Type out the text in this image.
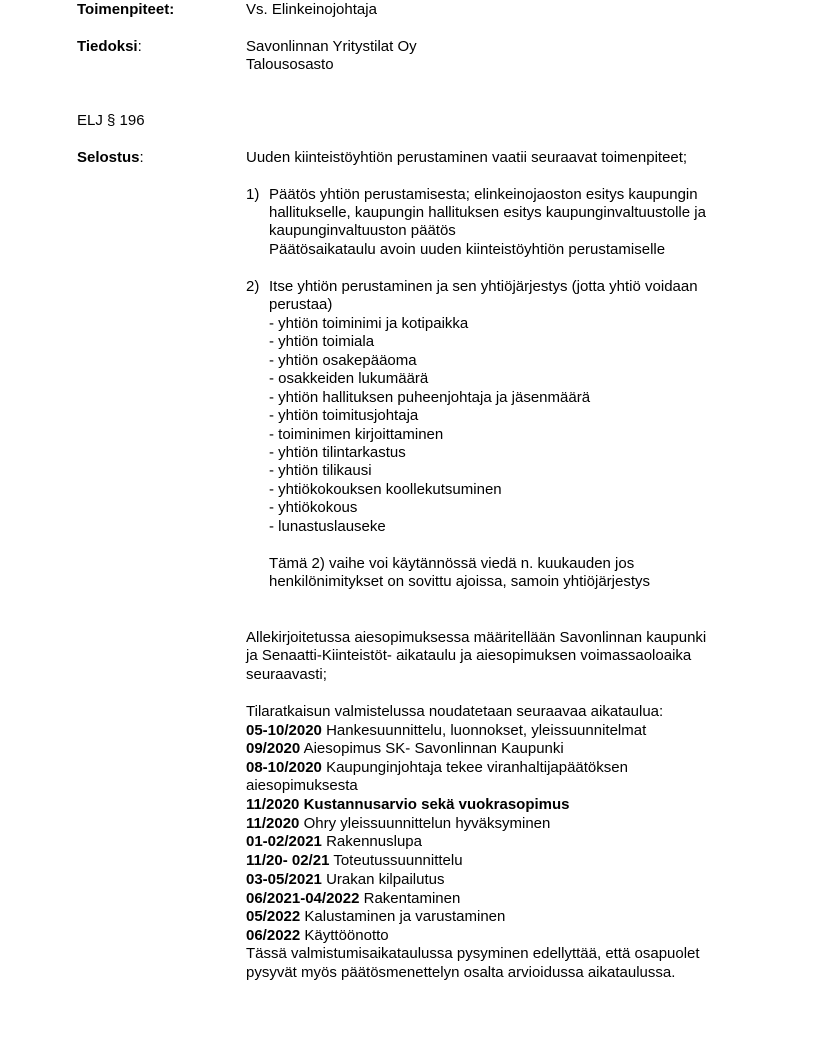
Toimenpiteet:	Vs. Elinkeinojohtaja
Tiedoksi:	Savonlinnan Yritystilat Oy
Talousosasto
ELJ § 196
Selostus:	Uuden kiinteistöyhtiön perustaminen vaatii seuraavat toimenpiteet;
1) Päätös yhtiön perustamisesta; elinkeinojaoston esitys kaupungin
hallitukselle, kaupungin hallituksen esitys kaupunginvaltuustolle ja
kaupunginvaltuuston päätös
Päätösaikataulu avoin uuden kiinteistöyhtiön perustamiselle
2) Itse yhtiön perustaminen ja sen yhtiöjärjestys (jotta yhtiö voidaan
perustaa)
- yhtiön toiminimi ja kotipaikka
- yhtiön toimiala
- yhtiön osakepääoma
- osakkeiden lukumäärä
- yhtiön hallituksen puheenjohtaja ja jäsenmäärä
- yhtiön toimitusjohtaja
- toiminimen kirjoittaminen
- yhtiön tilintarkastus
- yhtiön tilikausi
- yhtiökokouksen koollekutsuminen
- yhtiökokous
- lunastuslauseke
Tämä 2) vaihe voi käytännössä viedä n. kuukauden jos
henkilönimitykset on sovittu ajoissa, samoin yhtiöjärjestys
Allekirjoitetussa aiesopimuksessa määritellään Savonlinnan kaupunki
ja Senaatti-Kiinteistöt- aikataulu ja aiesopimuksen voimassaoloaika
seuraavasti;
Tilaratkaisun valmistelussa noudatetaan seuraavaa aikataulua:
05-10/2020 Hankesuunnittelu, luonnokset, yleissuunnitelmat
09/2020 Aiesopimus SK- Savonlinnan Kaupunki
08-10/2020 Kaupunginjohtaja tekee viranhaltijapäätöksen
aiesopimuksesta
11/2020 Kustannusarvio sekä vuokrasopimus
11/2020 Ohry yleissuunnittelun hyväksyminen
01-02/2021 Rakennuslupa
11/20- 02/21 Toteutussuunnittelu
03-05/2021 Urakan kilpailutus
06/2021-04/2022 Rakentaminen
05/2022 Kalustaminen ja varustaminen
06/2022 Käyttöönotto
Tässä valmistumisaikataulussa pysyminen edellyttää, että osapuolet
pysyvät myös päätösmenettelyn osalta arvioidussa aikataulussa.
